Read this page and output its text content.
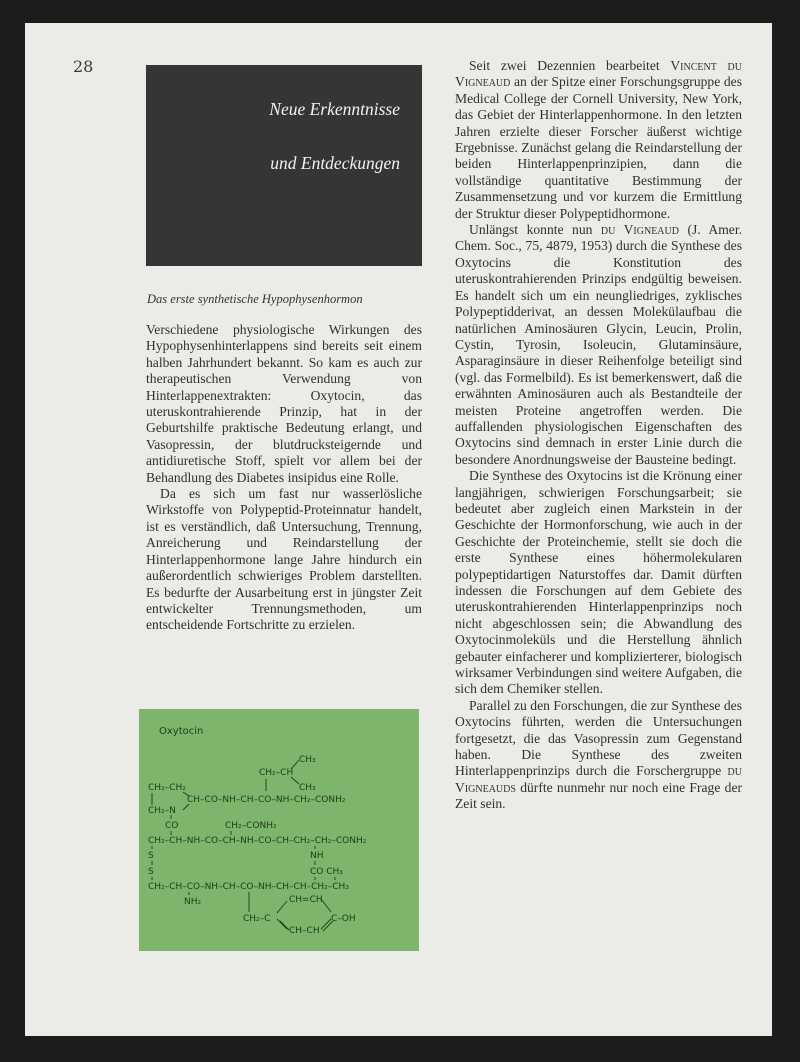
28
Neue Erkenntnisse
und Entdeckungen
Das erste synthetische Hypophysenhormon

Verschiedene physiologische Wirkungen des Hypophysenhinterlappens sind bereits seit einem halben Jahrhundert bekannt. So kam es auch zur therapeutischen Verwendung von Hinterlappenextrakten: Oxytocin, das uteruskontrahierende Prinzip, hat in der Geburtshilfe praktische Bedeutung erlangt, und Vasopressin, der blutdrucksteigernde und antidiuretische Stoff, spielt vor allem bei der Behandlung des Diabetes insipidus eine Rolle.

Da es sich um fast nur wasserlösliche Wirkstoffe von Polypeptid-Proteinnatur handelt, ist es verständlich, daß Untersuchung, Trennung, Anreicherung und Reindarstellung der Hinterlappenhormone lange Jahre hindurch ein außerordentlich schwieriges Problem darstellten. Es bedurfte der Ausarbeitung erst in jüngster Zeit entwickelter Trennungsmethoden, um entscheidende Fortschritte zu erzielen.

Oxytocin
CH₃
CH₂–CH
CH₃
CH₂–CH₂
CH–CO–NH–CH–CO–NH–CH₂–CONH₂
CH₂–N
CO	CH₂–CONH₂
CH₂–CH–NH–CO–CH–NH–CO–CH–CH₂–CH₂–CONH₂
S	NH
S	CO CH₃
CH₂–CH–CO–NH–CH–CO–NH–CH–CH–CH₂–CH₃
NH₂	CH=CH
CH₂–C	C–OH
CH–CH

Seit zwei Dezennien bearbeitet Vincent du Vigneaud an der Spitze einer Forschungsgruppe des Medical College der Cornell University, New York, das Gebiet der Hinterlappenhormone. In den letzten Jahren erzielte dieser Forscher äußerst wichtige Ergebnisse. Zunächst gelang die Reindarstellung der beiden Hinterlappenprinzipien, dann die vollständige quantitative Bestimmung der Zusammensetzung und vor kurzem die Ermittlung der Struktur dieser Polypeptidhormone.

Unlängst konnte nun du Vigneaud (J. Amer. Chem. Soc., 75, 4879, 1953) durch die Synthese des Oxytocins die Konstitution des uteruskontrahierenden Prinzips endgültig beweisen. Es handelt sich um ein neungliedriges, zyklisches Polypeptidderivat, an dessen Molekülaufbau die natürlichen Aminosäuren Glycin, Leucin, Prolin, Cystin, Tyrosin, Isoleucin, Glutaminsäure, Asparaginsäure in dieser Reihenfolge beteiligt sind (vgl. das Formelbild). Es ist bemerkenswert, daß die erwähnten Aminosäuren auch als Bestandteile der meisten Proteine angetroffen werden. Die auffallenden physiologischen Eigenschaften des Oxytocins sind demnach in erster Linie durch die besondere Anordnungsweise der Bausteine bedingt.

Die Synthese des Oxytocins ist die Krönung einer langjährigen, schwierigen Forschungsarbeit; sie bedeutet aber zugleich einen Markstein in der Geschichte der Hormonforschung, wie auch in der Geschichte der Proteinchemie, stellt sie doch die erste Synthese eines höhermolekularen polypeptidartigen Naturstoffes dar. Damit dürften indessen die Forschungen auf dem Gebiete des uteruskontrahierenden Hinterlappenprinzips noch nicht abgeschlossen sein; die Abwandlung des Oxytocinmoleküls und die Herstellung ähnlich gebauter einfacherer und komplizierterer, biologisch wirksamer Verbindungen sind weitere Aufgaben, die sich dem Chemiker stellen.

Parallel zu den Forschungen, die zur Synthese des Oxytocins führten, werden die Untersuchungen fortgesetzt, die das Vasopressin zum Gegenstand haben. Die Synthese des zweiten Hinterlappenprinzips durch die Forschergruppe du Vigneauds dürfte nunmehr nur noch eine Frage der Zeit sein.
